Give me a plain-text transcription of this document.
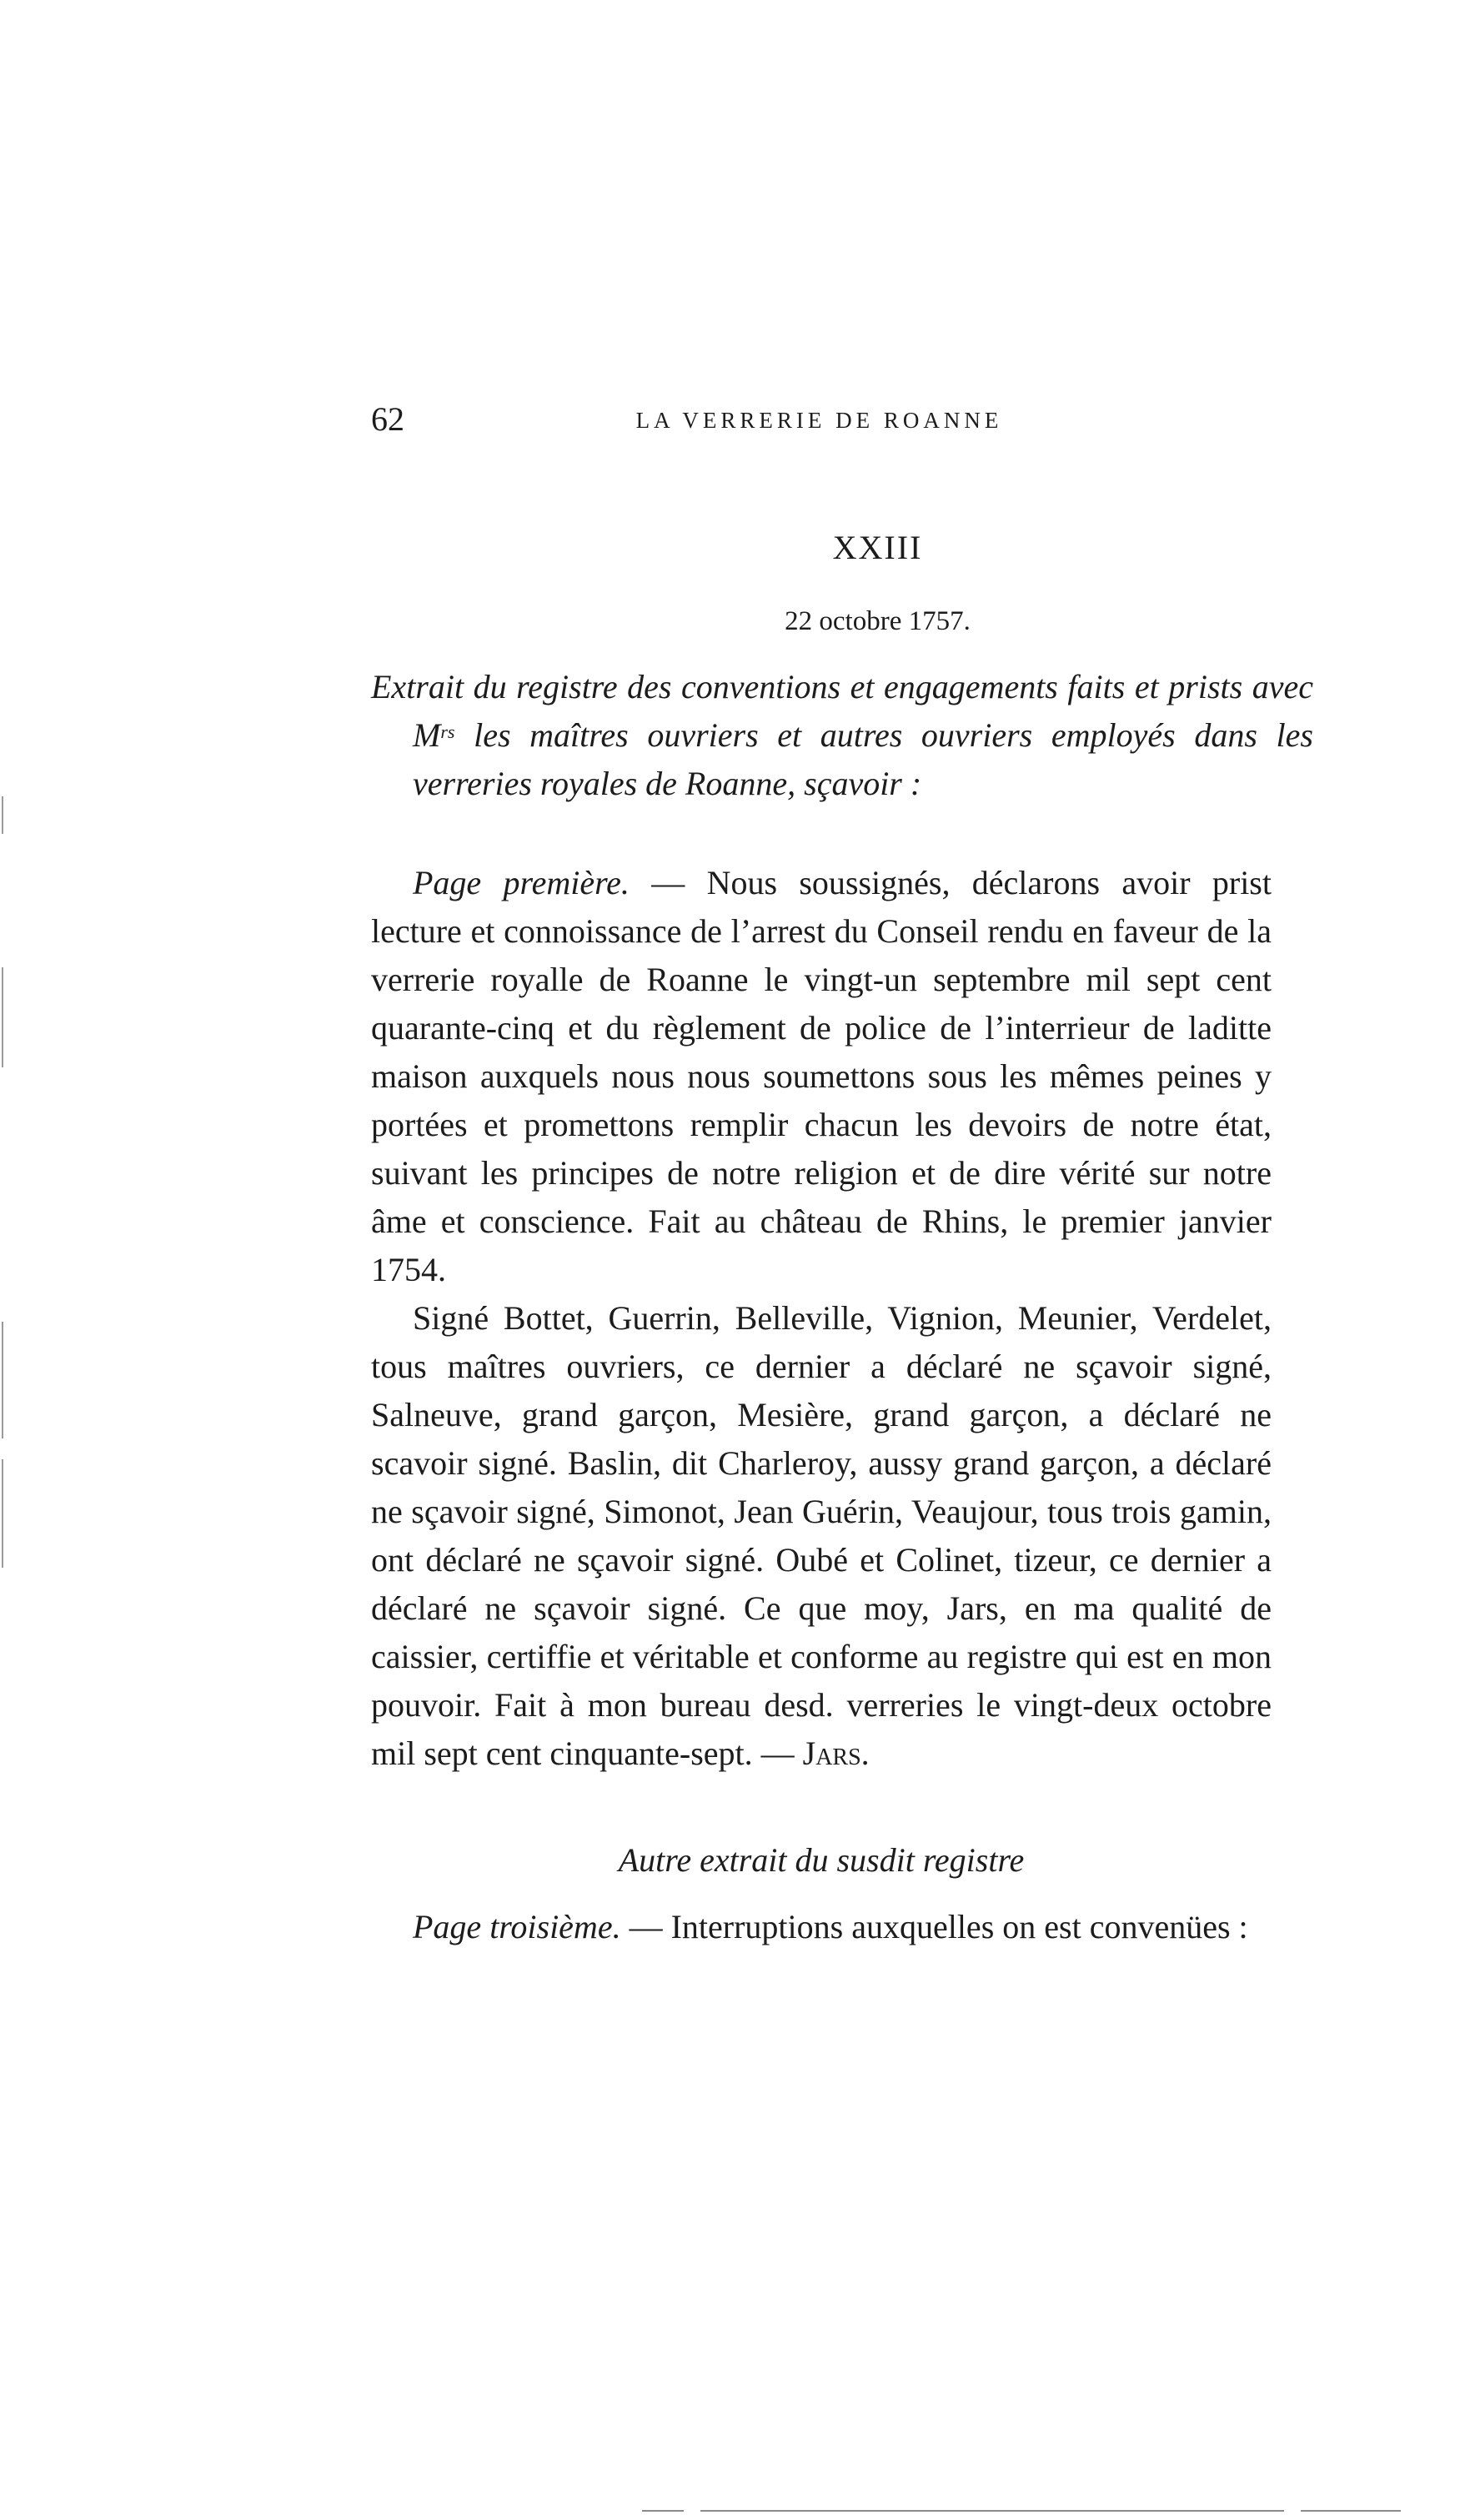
62	LA VERRERIE DE ROANNE
XXIII
22 octobre 1757.
Extrait du registre des conventions et engagements faits et prists avec $M^{rs}$ les maîtres ouvriers et autres ouvriers employés dans les verreries royales de Roanne, sçavoir :

Page première. — Nous soussignés, déclarons avoir prist lecture et connoissance de l’arrest du Conseil rendu en faveur de la verrerie royalle de Roanne le vingt-un septembre mil sept cent quarante-cinq et du règlement de police de l’interrieur de laditte maison auxquels nous nous soumettons sous les mêmes peines y portées et promettons remplir chacun les devoirs de notre état, suivant les principes de notre religion et de dire vérité sur notre âme et conscience. Fait au château de Rhins, le premier janvier 1754.

Signé Bottet, Guerrin, Belleville, Vignion, Meunier, Verdelet, tous maîtres ouvriers, ce dernier a déclaré ne sçavoir signé, Salneuve, grand garçon, Mesière, grand garçon, a déclaré ne scavoir signé. Baslin, dit Charleroy, aussy grand garçon, a déclaré ne sçavoir signé, Simonot, Jean Guérin, Veaujour, tous trois gamin, ont déclaré ne sçavoir signé. Oubé et Colinet, tizeur, ce dernier a déclaré ne sçavoir signé. Ce que moy, Jars, en ma qualité de caissier, certiffie et véritable et conforme au registre qui est en mon pouvoir. Fait à mon bureau desd. verreries le vingt-deux octobre mil sept cent cinquante-sept. — Jars.

Autre extrait du susdit registre

Page troisième. — Interruptions auxquelles on est convenües :
